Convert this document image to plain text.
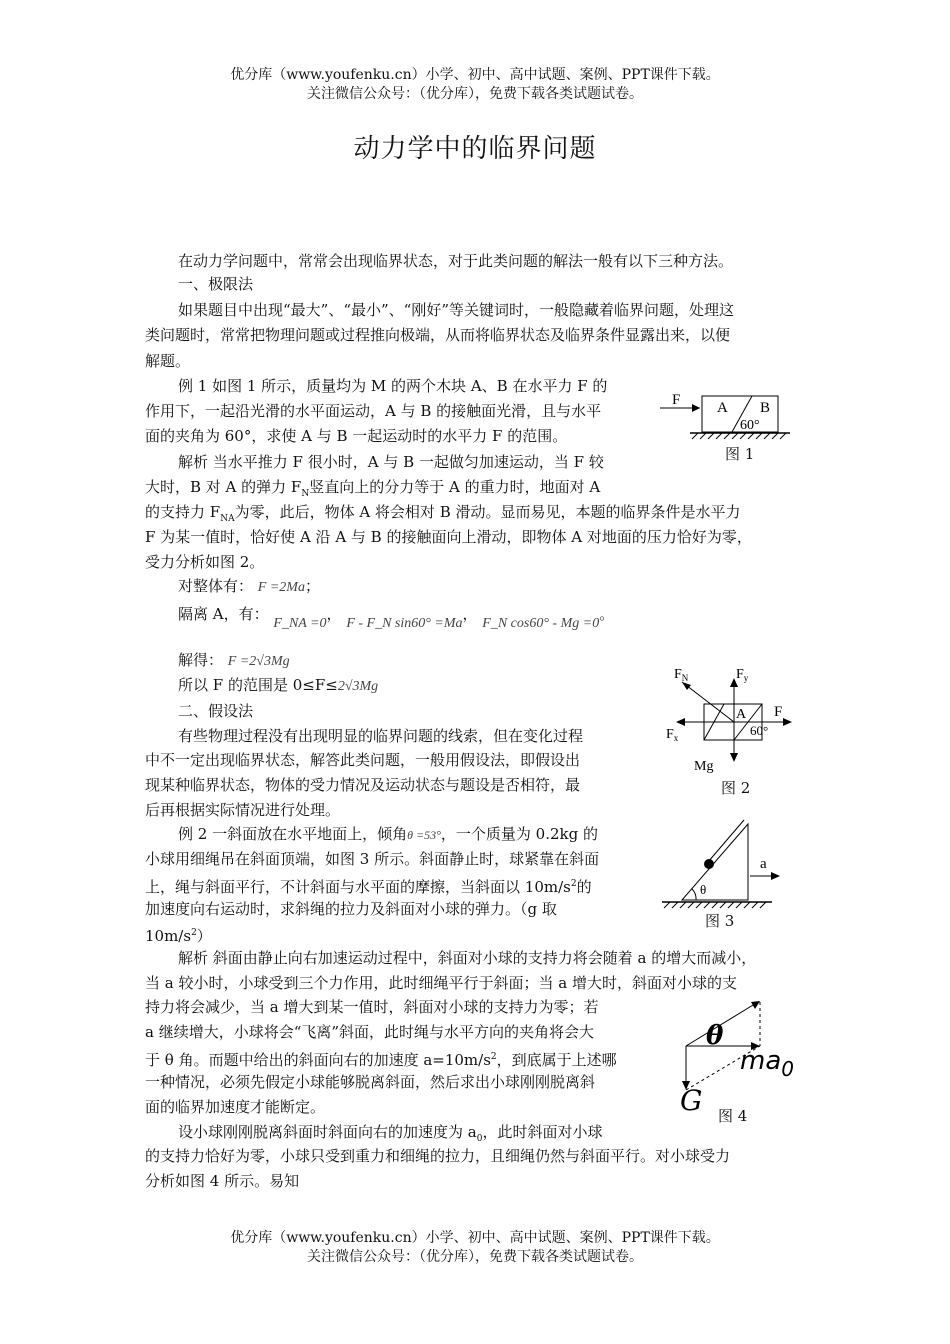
优分库（www.youfenku.cn）小学、初中、高中试题、案例、PPT课件下载。
关注微信公众号：（优分库），免费下载各类试题试卷。
动力学中的临界问题
在动力学问题中，常常会出现临界状态，对于此类问题的解法一般有以下三种方法。
一、极限法
如果题目中出现“最大”、“最小”、“刚好”等关键词时，一般隐藏着临界问题，处理这
类问题时，常常把物理问题或过程推向极端，从而将临界状态及临界条件显露出来，以便
解题。
例 1 如图 1 所示，质量均为 M 的两个木块 A、B 在水平力 F 的
作用下，一起沿光滑的水平面运动，A 与 B 的接触面光滑，且与水平
面的夹角为 60°，求使 A 与 B 一起运动时的水平力 F 的范围。
解析 当水平推力 F 很小时，A 与 B 一起做匀加速运动，当 F 较
大时，B 对 A 的弹力 $F_N$竖直向上的分力等于 A 的重力时，地面对 A
的支持力 $F_{NA}$为零，此后，物体 A 将会相对 B 滑动。显而易见，本题的临界条件是水平力
F 为某一值时，恰好使 A 沿 A 与 B 的接触面向上滑动，即物体 A 对地面的压力恰好为零，
受力分析如图 2。
对整体有： F =2Ma；
隔离 A，有： F_NA =0， F - F_N sin60° =Ma， F_N cos60° - Mg =0。
解得： F =2√3Mg
所以 F 的范围是 0≤F≤2√3Mg
二、假设法
有些物理过程没有出现明显的临界问题的线索，但在变化过程
中不一定出现临界状态，解答此类问题，一般用假设法，即假设出
现某种临界状态，物体的受力情况及运动状态与题设是否相符，最
后再根据实际情况进行处理。
例 2 一斜面放在水平地面上，倾角θ =53°，一个质量为 0.2kg 的
小球用细绳吊在斜面顶端，如图 3 所示。斜面静止时，球紧靠在斜面
上，绳与斜面平行，不计斜面与水平面的摩擦，当斜面以 $10m/s^2$的
加速度向右运动时，求斜绳的拉力及斜面对小球的弹力。（g 取
$10m/s^2$）
解析 斜面由静止向右加速运动过程中，斜面对小球的支持力将会随着 a 的增大而减小，
当 a 较小时，小球受到三个力作用，此时细绳平行于斜面；当 a 增大时，斜面对小球的支
持力将会减少，当 a 增大到某一值时，斜面对小球的支持力为零；若
a 继续增大，小球将会“飞离”斜面，此时绳与水平方向的夹角将会大
于 θ 角。而题中给出的斜面向右的加速度 $a=10m/s^2$，到底属于上述哪
一种情况，必须先假定小球能够脱离斜面，然后求出小球刚刚脱离斜
面的临界加速度才能断定。
设小球刚刚脱离斜面时斜面向右的加速度为 $a_0$，此时斜面对小球
的支持力恰好为零，小球只受到重力和细绳的拉力，且细绳仍然与斜面平行。对小球受力
分析如图 4 所示。易知
F A B
60°
图 1
$F_N$	$F_y$
$F_x$
F
A
60°
Mg
图 2
a
θ
图 3
θ
$ma_0$
G 图 4
优分库（www.youfenku.cn）小学、初中、高中试题、案例、PPT课件下载。
关注微信公众号：（优分库），免费下载各类试题试卷。
